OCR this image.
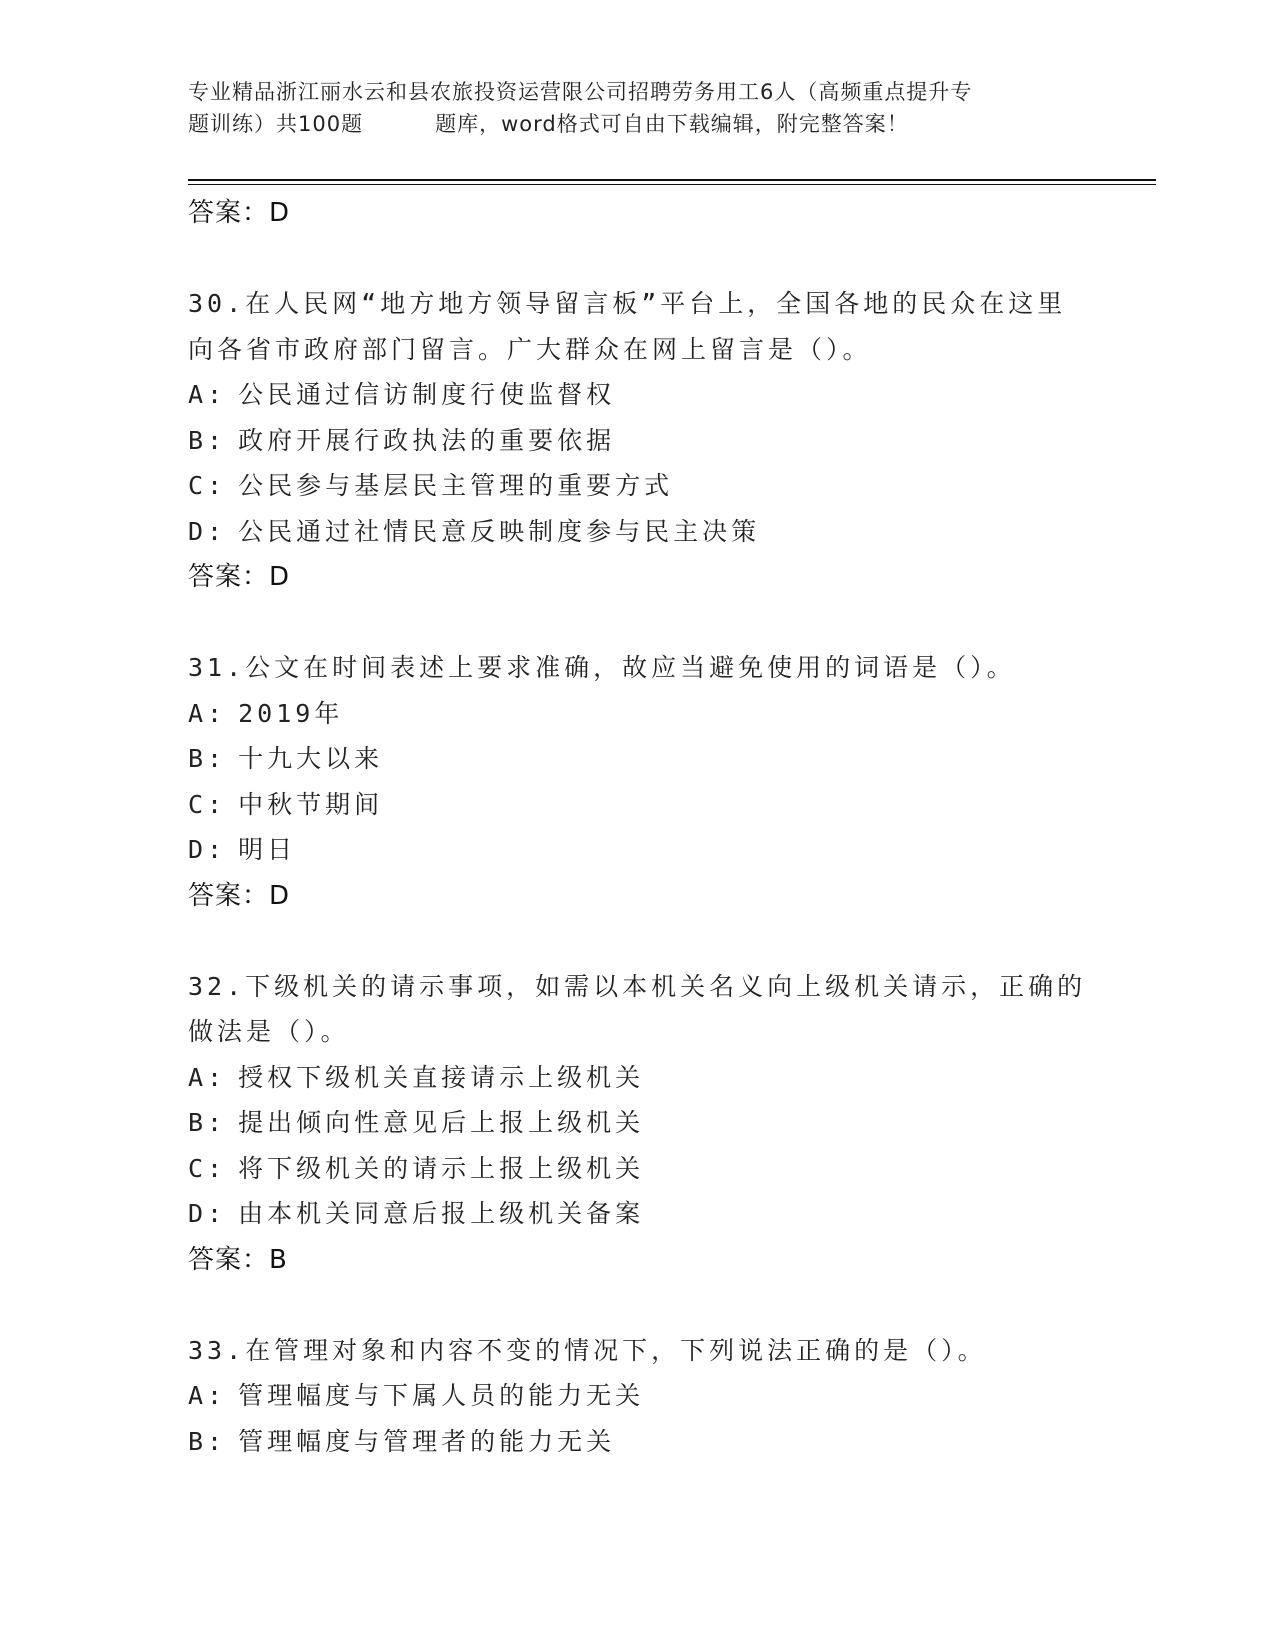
专业精品浙江丽水云和县农旅投资运营限公司招聘劳务用工6人（高频重点提升专
题训练）共100题	题库，word格式可自由下载编辑，附完整答案！
答案：D
30.在人民网“地方地方领导留言板”平台上，全国各地的民众在这里向各省市政府部门留言。广大群众在网上留言是（）。
A: 公民通过信访制度行使监督权
B: 政府开展行政执法的重要依据
C: 公民参与基层民主管理的重要方式
D: 公民通过社情民意反映制度参与民主决策
答案：D
31.公文在时间表述上要求准确，故应当避免使用的词语是（）。
A: 2019年
B: 十九大以来
C: 中秋节期间
D: 明日
答案：D
32.下级机关的请示事项，如需以本机关名义向上级机关请示，正确的做法是（）。
A: 授权下级机关直接请示上级机关
B: 提出倾向性意见后上报上级机关
C: 将下级机关的请示上报上级机关
D: 由本机关同意后报上级机关备案
答案：B
33.在管理对象和内容不变的情况下，下列说法正确的是（）。
A: 管理幅度与下属人员的能力无关
B: 管理幅度与管理者的能力无关
